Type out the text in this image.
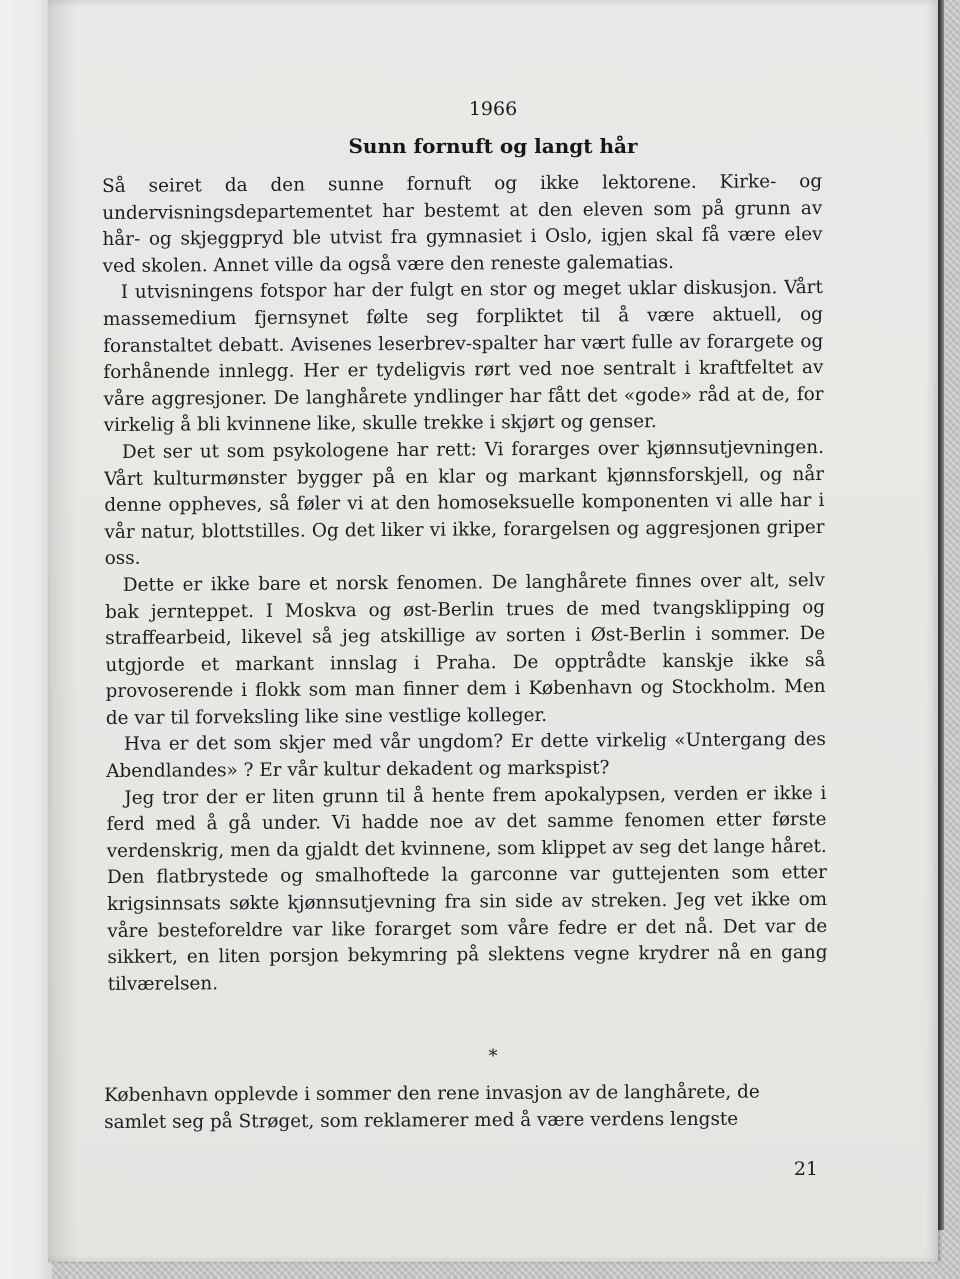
1966
Sunn fornuft og langt hår

Så seiret da den sunne fornuft og ikke lektorene. Kirke- og undervisningsdepartementet har bestemt at den eleven som på grunn av hår- og skjeggpryd ble utvist fra gymnasiet i Oslo, igjen skal få være elev ved skolen. Annet ville da også være den reneste galematias.

I utvisningens fotspor har der fulgt en stor og meget uklar diskusjon. Vårt massemedium fjernsynet følte seg forpliktet til å være aktuell, og foranstaltet debatt. Avisenes leserbrev-spalter har vært fulle av forargete og forhånende innlegg. Her er tydeligvis rørt ved noe sentralt i kraftfeltet av våre aggresjoner. De langhårete yndlinger har fått det «gode» råd at de, for virkelig å bli kvinnene like, skulle trekke i skjørt og genser.

Det ser ut som psykologene har rett: Vi forarges over kjønnsutjevningen. Vårt kulturmønster bygger på en klar og markant kjønnsforskjell, og når denne oppheves, så føler vi at den homoseksuelle komponenten vi alle har i vår natur, blottstilles. Og det liker vi ikke, forargelsen og aggresjonen griper oss.

Dette er ikke bare et norsk fenomen. De langhårete finnes over alt, selv bak jernteppet. I Moskva og øst-Berlin trues de med tvangsklipping og straffearbeid, likevel så jeg atskillige av sorten i Øst-Berlin i sommer. De utgjorde et markant innslag i Praha. De opptrådte kanskje ikke så provoserende i flokk som man finner dem i København og Stockholm. Men de var til forveksling like sine vestlige kolleger.

Hva er det som skjer med vår ungdom? Er dette virkelig «Untergang des Abendlandes» ? Er vår kultur dekadent og markspist?

Jeg tror der er liten grunn til å hente frem apokalypsen, verden er ikke i ferd med å gå under. Vi hadde noe av det samme fenomen etter første verdenskrig, men da gjaldt det kvinnene, som klippet av seg det lange håret. Den flatbrystede og smalhoftede la garconne var guttejenten som etter krigsinnsats søkte kjønnsutjevning fra sin side av streken. Jeg vet ikke om våre besteforeldre var like forarget som våre fedre er det nå. Det var de sikkert, en liten porsjon bekymring på slektens vegne krydrer nå en gang tilværelsen.

*
København opplevde i sommer den rene invasjon av de langhårete, de samlet seg på Strøget, som reklamerer med å være verdens lengste
21
